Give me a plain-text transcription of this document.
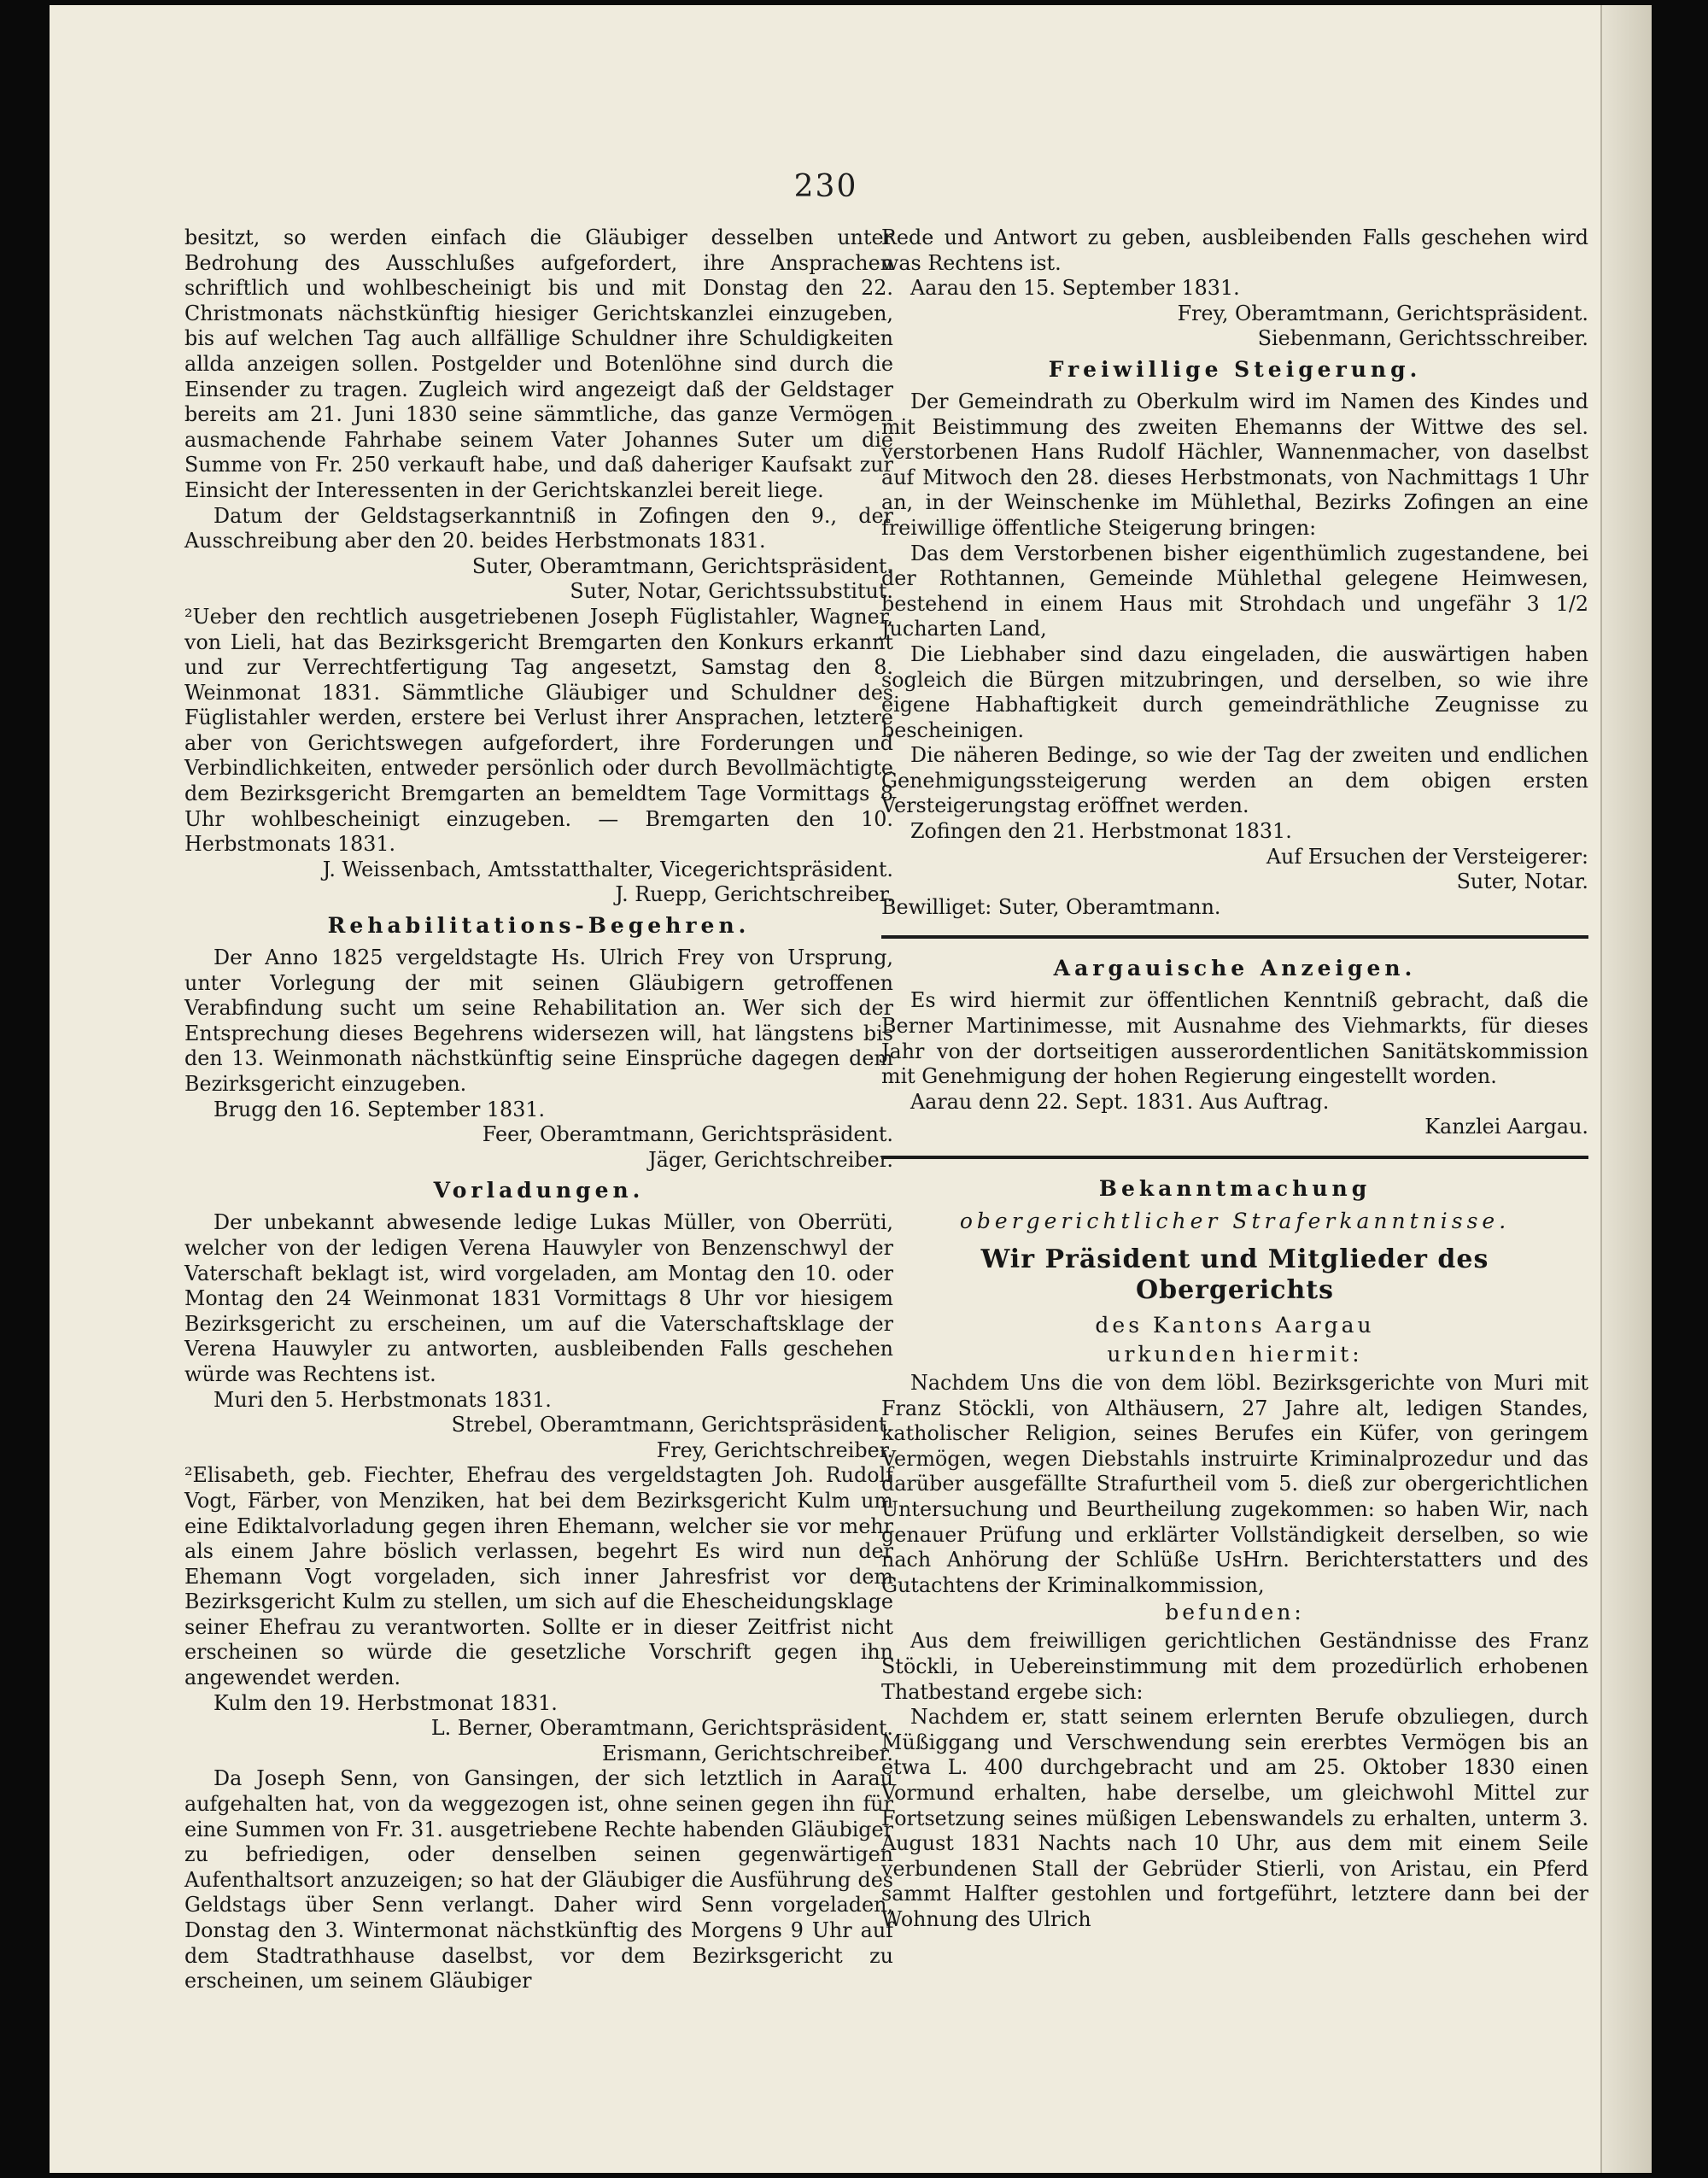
230

besitzt, so werden einfach die Gläubiger desselben unter Bedrohung des Ausschlußes aufgefordert, ihre Ansprachen schriftlich und wohlbescheinigt bis und mit Donstag den 22. Christmonats nächstkünftig hiesiger Gerichtskanzlei einzugeben, bis auf welchen Tag auch allfällige Schuldner ihre Schuldigkeiten allda anzeigen sollen. Postgelder und Botenlöhne sind durch die Einsender zu tragen. Zugleich wird angezeigt daß der Geldstager bereits am 21. Juni 1830 seine sämmtliche, das ganze Vermögen ausmachende Fahrhabe seinem Vater Johannes Suter um die Summe von Fr. 250 verkauft habe, und daß daheriger Kaufsakt zur Einsicht der Interessenten in der Gerichtskanzlei bereit liege.

Datum der Geldstagserkanntniß in Zofingen den 9., der Ausschreibung aber den 20. beides Herbstmonats 1831.

Suter, Oberamtmann, Gerichtspräsident.

Suter, Notar, Gerichtssubstitut.

²Ueber den rechtlich ausgetriebenen Joseph Füglistahler, Wagner, von Lieli, hat das Bezirksgericht Bremgarten den Konkurs erkannt und zur Verrechtfertigung Tag angesetzt, Samstag den 8. Weinmonat 1831. Sämmtliche Gläubiger und Schuldner des Füglistahler werden, erstere bei Verlust ihrer Ansprachen, letztere aber von Gerichtswegen aufgefordert, ihre Forderungen und Verbindlichkeiten, entweder persönlich oder durch Bevollmächtigte dem Bezirksgericht Bremgarten an bemeldtem Tage Vormittags 8 Uhr wohlbescheinigt einzugeben. — Bremgarten den 10. Herbstmonats 1831.

J. Weissenbach, Amtsstatthalter, Vicegerichtspräsident.

J. Ruepp, Gerichtschreiber.

Rehabilitations-Begehren.

Der Anno 1825 vergeldstagte Hs. Ulrich Frey von Ursprung, unter Vorlegung der mit seinen Gläubigern getroffenen Verabfindung sucht um seine Rehabilitation an. Wer sich der Entsprechung dieses Begehrens widersezen will, hat längstens bis den 13. Weinmonath nächstkünftig seine Einsprüche dagegen dem Bezirksgericht einzugeben.

Brugg den 16. September 1831.

Feer, Oberamtmann, Gerichtspräsident.

Jäger, Gerichtschreiber.

Vorladungen.

Der unbekannt abwesende ledige Lukas Müller, von Oberrüti, welcher von der ledigen Verena Hauwyler von Benzenschwyl der Vaterschaft beklagt ist, wird vorgeladen, am Montag den 10. oder Montag den 24 Weinmonat 1831 Vormittags 8 Uhr vor hiesigem Bezirksgericht zu erscheinen, um auf die Vaterschaftsklage der Verena Hauwyler zu antworten, ausbleibenden Falls geschehen würde was Rechtens ist.

Muri den 5. Herbstmonats 1831.

Strebel, Oberamtmann, Gerichtspräsident.

Frey, Gerichtschreiber.

²Elisabeth, geb. Fiechter, Ehefrau des vergeldstagten Joh. Rudolf Vogt, Färber, von Menziken, hat bei dem Bezirksgericht Kulm um eine Ediktalvorladung gegen ihren Ehemann, welcher sie vor mehr als einem Jahre böslich verlassen, begehrt Es wird nun der Ehemann Vogt vorgeladen, sich inner Jahresfrist vor dem Bezirksgericht Kulm zu stellen, um sich auf die Ehescheidungsklage seiner Ehefrau zu verantworten. Sollte er in dieser Zeitfrist nicht erscheinen so würde die gesetzliche Vorschrift gegen ihn angewendet werden.

Kulm den 19. Herbstmonat 1831.

L. Berner, Oberamtmann, Gerichtspräsident.

Erismann, Gerichtschreiber.

Da Joseph Senn, von Gansingen, der sich letztlich in Aarau aufgehalten hat, von da weggezogen ist, ohne seinen gegen ihn für eine Summen von Fr. 31. ausgetriebene Rechte habenden Gläubiger zu befriedigen, oder denselben seinen gegenwärtigen Aufenthaltsort anzuzeigen; so hat der Gläubiger die Ausführung des Geldstags über Senn verlangt. Daher wird Senn vorgeladen, Donstag den 3. Wintermonat nächstkünftig des Morgens 9 Uhr auf dem Stadtrathhause daselbst, vor dem Bezirksgericht zu erscheinen, um seinem Gläubiger

Rede und Antwort zu geben, ausbleibenden Falls geschehen wird was Rechtens ist.

Aarau den 15. September 1831.

Frey, Oberamtmann, Gerichtspräsident.

Siebenmann, Gerichtsschreiber.

Freiwillige Steigerung.

Der Gemeindrath zu Oberkulm wird im Namen des Kindes und mit Beistimmung des zweiten Ehemanns der Wittwe des sel. verstorbenen Hans Rudolf Hächler, Wannenmacher, von daselbst auf Mitwoch den 28. dieses Herbstmonats, von Nachmittags 1 Uhr an, in der Weinschenke im Mühlethal, Bezirks Zofingen an eine freiwillige öffentliche Steigerung bringen:

Das dem Verstorbenen bisher eigenthümlich zugestandene, bei der Rothtannen, Gemeinde Mühlethal gelegene Heimwesen, bestehend in einem Haus mit Strohdach und ungefähr 3 1/2 Jucharten Land,

Die Liebhaber sind dazu eingeladen, die auswärtigen haben sogleich die Bürgen mitzubringen, und derselben, so wie ihre eigene Habhaftigkeit durch gemeindräthliche Zeugnisse zu bescheinigen.

Die näheren Bedinge, so wie der Tag der zweiten und endlichen Genehmigungssteigerung werden an dem obigen ersten Versteigerungstag eröffnet werden.

Zofingen den 21. Herbstmonat 1831.

Auf Ersuchen der Versteigerer:

Suter, Notar.

Bewilliget: Suter, Oberamtmann.

Aargauische Anzeigen.

Es wird hiermit zur öffentlichen Kenntniß gebracht, daß die Berner Martinimesse, mit Ausnahme des Viehmarkts, für dieses Jahr von der dortseitigen ausserordentlichen Sanitätskommission mit Genehmigung der hohen Regierung eingestellt worden.

Aarau denn 22. Sept. 1831. Aus Auftrag.

Kanzlei Aargau.

Bekanntmachung
obergerichtlicher Straferkanntnisse.
Wir Präsident und Mitglieder des Obergerichts
des Kantons Aargau
urkunden hiermit:

Nachdem Uns die von dem löbl. Bezirksgerichte von Muri mit Franz Stöckli, von Althäusern, 27 Jahre alt, ledigen Standes, katholischer Religion, seines Berufes ein Küfer, von geringem Vermögen, wegen Diebstahls instruirte Kriminalprozedur und das darüber ausgefällte Strafurtheil vom 5. dieß zur obergerichtlichen Untersuchung und Beurtheilung zugekommen: so haben Wir, nach genauer Prüfung und erklärter Vollständigkeit derselben, so wie nach Anhörung der Schlüße UsHrn. Berichterstatters und des Gutachtens der Kriminalkommission,

befunden:

Aus dem freiwilligen gerichtlichen Geständnisse des Franz Stöckli, in Uebereinstimmung mit dem prozedürlich erhobenen Thatbestand ergebe sich:

Nachdem er, statt seinem erlernten Berufe obzuliegen, durch Müßiggang und Verschwendung sein ererbtes Vermögen bis an etwa L. 400 durchgebracht und am 25. Oktober 1830 einen Vormund erhalten, habe derselbe, um gleichwohl Mittel zur Fortsetzung seines müßigen Lebenswandels zu erhalten, unterm 3. August 1831 Nachts nach 10 Uhr, aus dem mit einem Seile verbundenen Stall der Gebrüder Stierli, von Aristau, ein Pferd sammt Halfter gestohlen und fortgeführt, letztere dann bei der Wohnung des Ulrich
